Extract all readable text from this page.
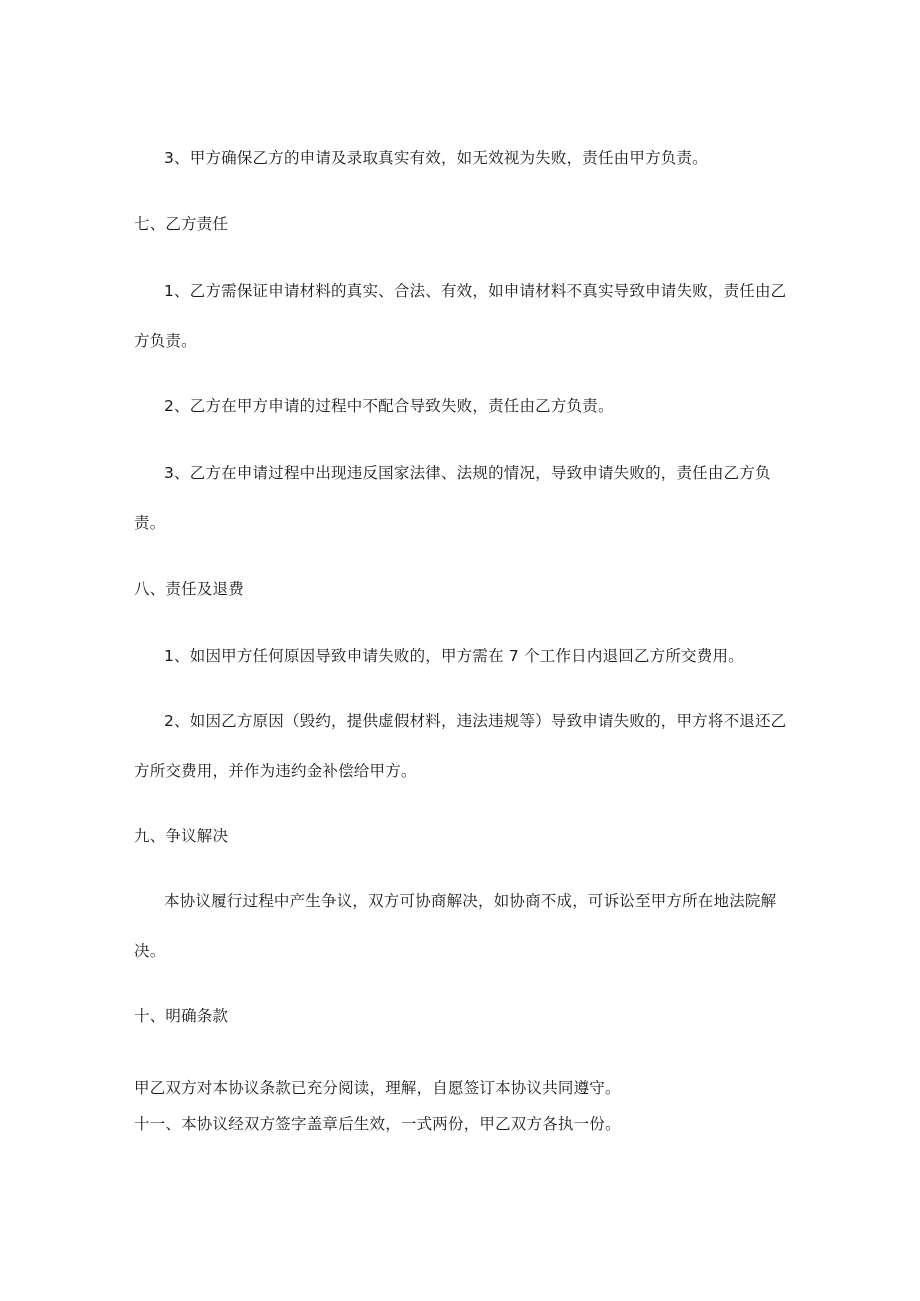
3、甲方确保乙方的申请及录取真实有效，如无效视为失败，责任由甲方负责。
七、乙方责任
1、乙方需保证申请材料的真实、合法、有效，如申请材料不真实导致申请失败，责任由乙
方负责。
2、乙方在甲方申请的过程中不配合导致失败，责任由乙方负责。
3、乙方在申请过程中出现违反国家法律、法规的情况，导致申请失败的，责任由乙方负
责。
八、责任及退费
1、如因甲方任何原因导致申请失败的，甲方需在 7 个工作日内退回乙方所交费用。
2、如因乙方原因（毁约，提供虚假材料，违法违规等）导致申请失败的，甲方将不退还乙
方所交费用，并作为违约金补偿给甲方。
九、争议解决
本协议履行过程中产生争议，双方可协商解决，如协商不成，可诉讼至甲方所在地法院解
决。
十、明确条款
甲乙双方对本协议条款已充分阅读，理解，自愿签订本协议共同遵守。
十一、本协议经双方签字盖章后生效，一式两份，甲乙双方各执一份。
